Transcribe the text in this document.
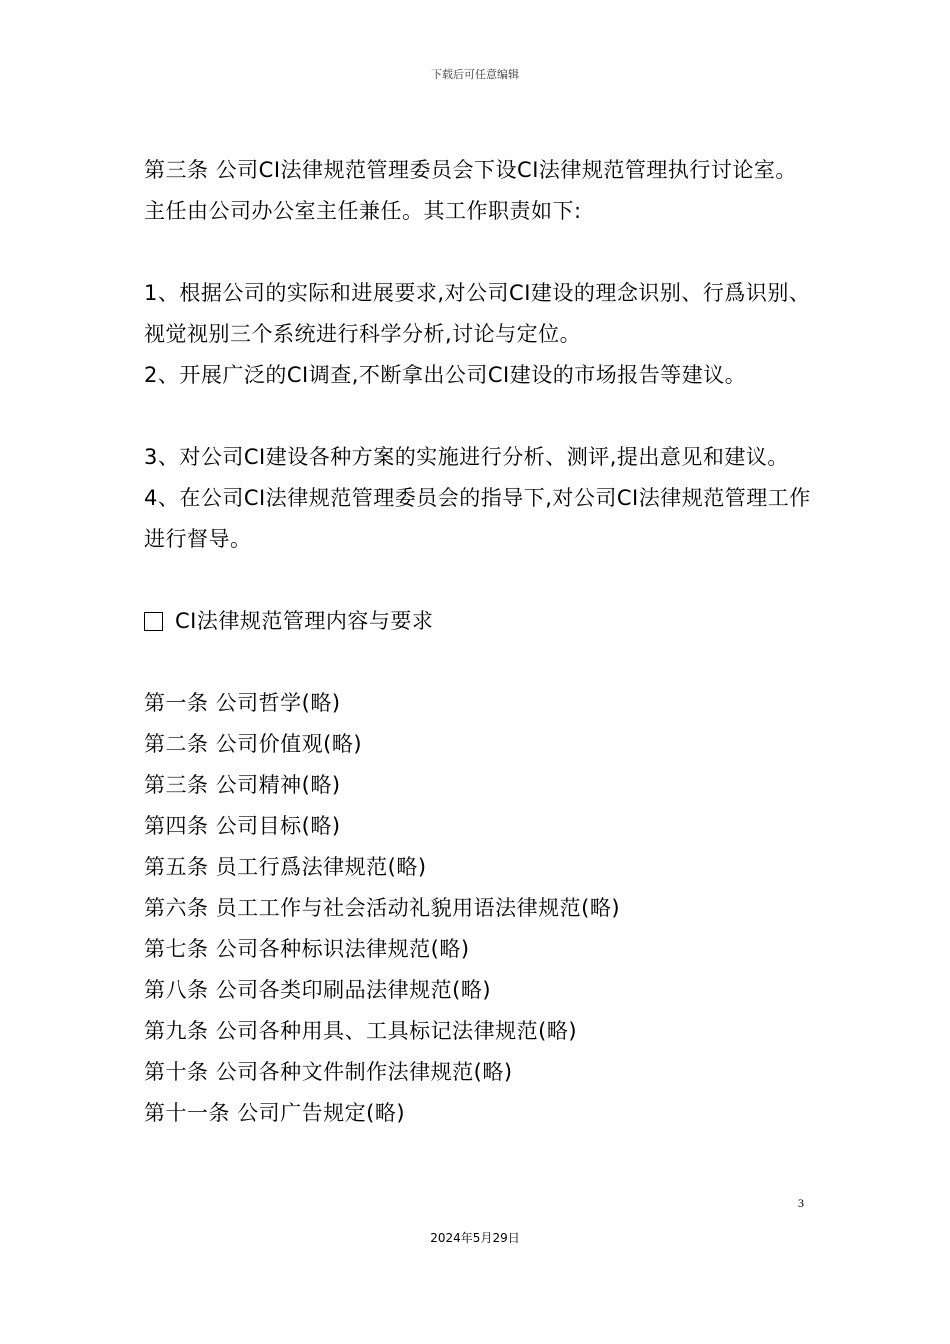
下载后可任意编辑

第三条 公司CI法律规范管理委员会下设CI法律规范管理执行讨论室。主任由公司办公室主任兼任。其工作职责如下:

1、根据公司的实际和进展要求,对公司CI建设的理念识别、行爲识别、视觉视别三个系统进行科学分析,讨论与定位。

2、开展广泛的CI调查,不断拿出公司CI建设的市场报告等建议。

3、对公司CI建设各种方案的实施进行分析、测评,提出意见和建议。

4、在公司CI法律规范管理委员会的指导下,对公司CI法律规范管理工作进行督导。

CI法律规范管理内容与要求

第一条 公司哲学(略)

第二条 公司价值观(略)

第三条 公司精神(略)

第四条 公司目标(略)

第五条 员工行爲法律规范(略)

第六条 员工工作与社会活动礼貌用语法律规范(略)

第七条 公司各种标识法律规范(略)

第八条 公司各类印刷品法律规范(略)

第九条 公司各种用具、工具标记法律规范(略)

第十条 公司各种文件制作法律规范(略)

第十一条 公司广告规定(略)

3
2024年5月29日
